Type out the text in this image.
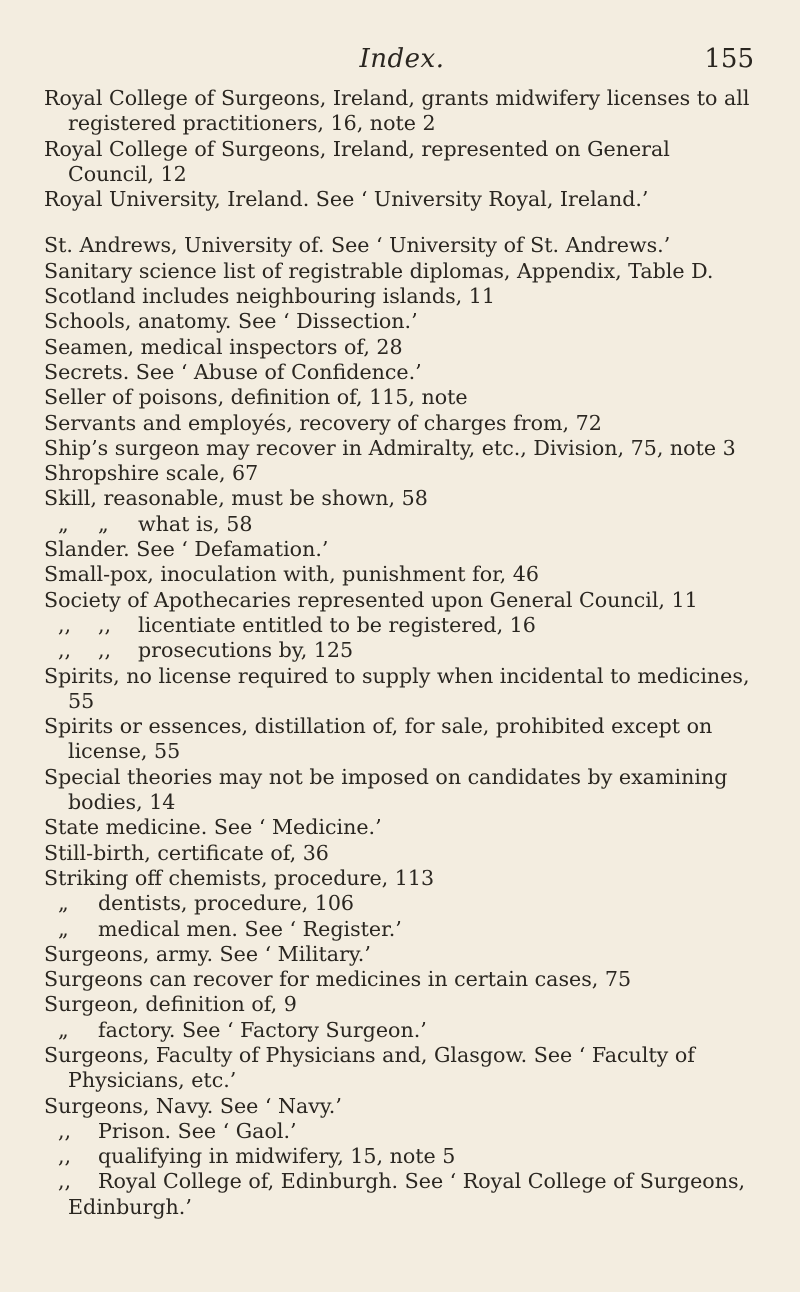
Index.	155
Royal College of Surgeons, Ireland, grants midwifery licenses to all registered practitioners, 16, note 2
Royal College of Surgeons, Ireland, represented on General Council, 12
Royal University, Ireland. See ‘ University Royal, Ireland.’
St. Andrews, University of. See ‘ University of St. Andrews.’
Sanitary science list of registrable diplomas, Appendix, Table D.
Scotland includes neighbouring islands, 11
Schools, anatomy. See ‘ Dissection.’
Seamen, medical inspectors of, 28
Secrets. See ‘ Abuse of Confidence.’
Seller of poisons, definition of, 115, note
Servants and employés, recovery of charges from, 72
Ship’s surgeon may recover in Admiralty, etc., Division, 75, note 3
Shropshire scale, 67
Skill, reasonable, must be shown, 58
„ „ what is, 58
Slander. See ‘ Defamation.’
Small-pox, inoculation with, punishment for, 46
Society of Apothecaries represented upon General Council, 11
,, ,, licentiate entitled to be registered, 16
,, ,, prosecutions by, 125
Spirits, no license required to supply when incidental to medicines, 55
Spirits or essences, distillation of, for sale, prohibited except on license, 55
Special theories may not be imposed on candidates by examining bodies, 14
State medicine. See ‘ Medicine.’
Still-birth, certificate of, 36
Striking off chemists, procedure, 113
„ dentists, procedure, 106
„ medical men. See ‘ Register.’
Surgeons, army. See ‘ Military.’
Surgeons can recover for medicines in certain cases, 75
Surgeon, definition of, 9
„ factory. See ‘ Factory Surgeon.’
Surgeons, Faculty of Physicians and, Glasgow. See ‘ Faculty of Physicians, etc.’
Surgeons, Navy. See ‘ Navy.’
,, Prison. See ‘ Gaol.’
,, qualifying in midwifery, 15, note 5
,, Royal College of, Edinburgh. See ‘ Royal College of Surgeons, Edinburgh.’
